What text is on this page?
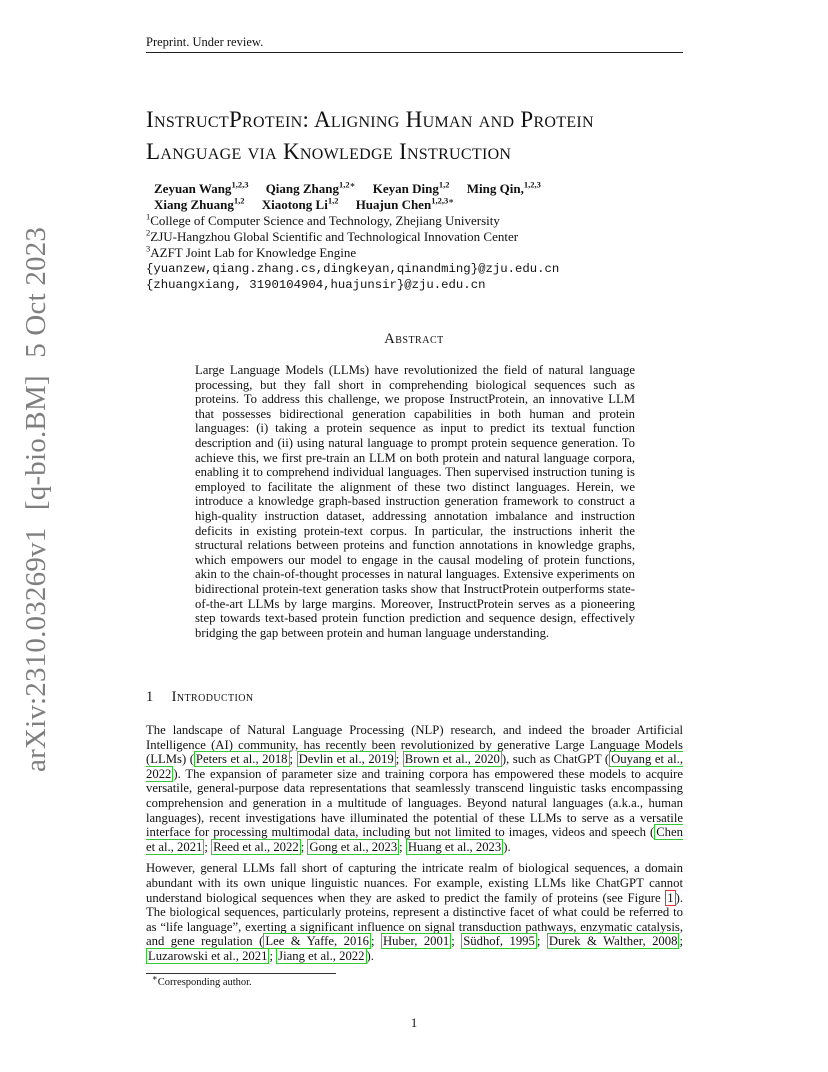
Preprint. Under review.
arXiv:2310.03269v1 [q-bio.BM] 5 Oct 2023
InstructProtein: Aligning Human and Protein
Language via Knowledge Instruction
Zeyuan Wang$^{1,2,3}$ Qiang Zhang$^{1,2∗}$ Keyan Ding$^{1,2}$ Ming Qin,$^{1,2,3}$
Xiang Zhuang$^{1,2}$ Xiaotong Li$^{1,2}$ Huajun Chen$^{1,2,3∗}$
$^1$College of Computer Science and Technology, Zhejiang University
$^2$ZJU-Hangzhou Global Scientific and Technological Innovation Center
$^3$AZFT Joint Lab for Knowledge Engine
{yuanzew,qiang.zhang.cs,dingkeyan,qinandming}@zju.edu.cn
{zhuangxiang, 3190104904,huajunsir}@zju.edu.cn
Abstract
Large Language Models (LLMs) have revolutionized the field of natural language processing, but they fall short in comprehending biological sequences such as proteins. To address this challenge, we propose InstructProtein, an innovative LLM that possesses bidirectional generation capabilities in both human and protein languages: (i) taking a protein sequence as input to predict its textual function description and (ii) using natural language to prompt protein sequence generation. To achieve this, we first pre-train an LLM on both protein and natural language corpora, enabling it to comprehend individual languages. Then supervised instruction tuning is employed to facilitate the alignment of these two distinct languages. Herein, we introduce a knowledge graph-based instruction generation framework to construct a high-quality instruction dataset, addressing annotation imbalance and instruction deficits in existing protein-text corpus. In particular, the instructions inherit the structural relations between proteins and function annotations in knowledge graphs, which empowers our model to engage in the causal modeling of protein functions, akin to the chain-of-thought processes in natural languages. Extensive experiments on bidirectional protein-text generation tasks show that InstructProtein outperforms state-of-the-art LLMs by large margins. Moreover, InstructProtein serves as a pioneering step towards text-based protein function prediction and sequence design, effectively bridging the gap between protein and human language understanding.
1 Introduction

The landscape of Natural Language Processing (NLP) research, and indeed the broader Artificial Intelligence (AI) community, has recently been revolutionized by generative Large Language Models (LLMs) ( Peters et al., 2018 ; Devlin et al., 2019 ; Brown et al., 2020 ), such as ChatGPT ( Ouyang et al., 2022 ). The expansion of parameter size and training corpora has empowered these models to acquire versatile, general-purpose data representations that seamlessly transcend linguistic tasks encompassing comprehension and generation in a multitude of languages. Beyond natural languages (a.k.a., human languages), recent investigations have illuminated the potential of these LLMs to serve as a versatile interface for processing multimodal data, including but not limited to images, videos and speech ( Chen et al., 2021 ; Reed et al., 2022 ; Gong et al., 2023 ; Huang et al., 2023 ).

However, general LLMs fall short of capturing the intricate realm of biological sequences, a domain abundant with its own unique linguistic nuances. For example, existing LLMs like ChatGPT cannot understand biological sequences when they are asked to predict the family of proteins (see Figure 1 ). The biological sequences, particularly proteins, represent a distinctive facet of what could be referred to as “life language”, exerting a significant influence on signal transduction pathways, enzymatic catalysis, and gene regulation ( Lee & Yaffe, 2016 ; Huber, 2001 ; Südhof, 1995 ; Durek & Walther, 2008 ; Luzarowski et al., 2021 ; Jiang et al., 2022 ).

∗Corresponding author.
1
